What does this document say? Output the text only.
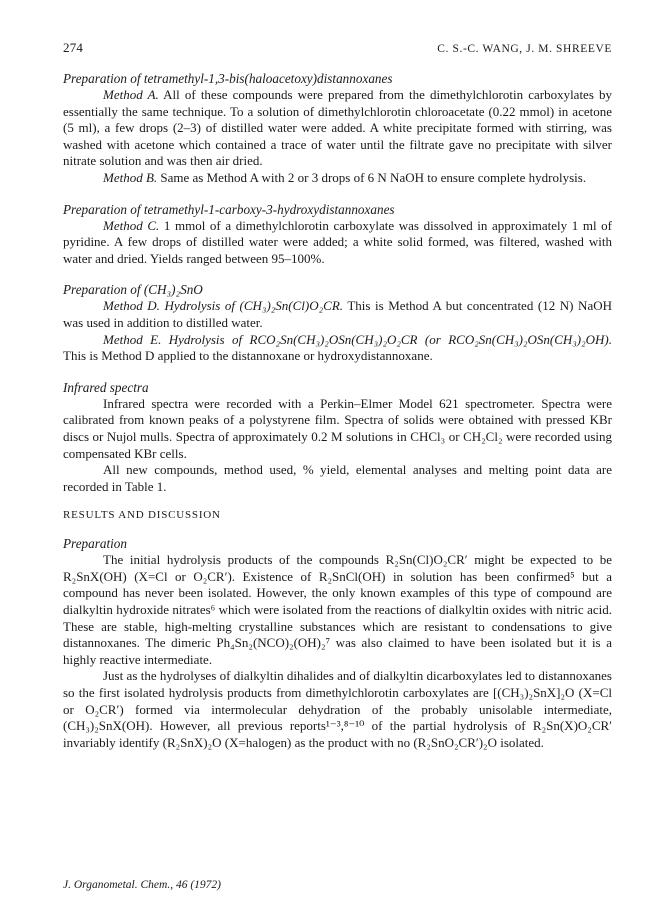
274	C. S.-C. WANG, J. M. SHREEVE

Preparation of tetramethyl-1,3-bis(haloacetoxy)distannoxanes

Method A. All of these compounds were prepared from the dimethylchlorotin carboxylates by essentially the same technique. To a solution of dimethylchlorotin chloroacetate (0.22 mmol) in acetone (5 ml), a few drops (2–3) of distilled water were added. A white precipitate formed with stirring, was washed with acetone which contained a trace of water until the filtrate gave no precipitate with silver nitrate solution and was then air dried.

Method B. Same as Method A with 2 or 3 drops of 6 N NaOH to ensure complete hydrolysis.

Preparation of tetramethyl-1-carboxy-3-hydroxydistannoxanes

Method C. 1 mmol of a dimethylchlorotin carboxylate was dissolved in approximately 1 ml of pyridine. A few drops of distilled water were added; a white solid formed, was filtered, washed with water and dried. Yields ranged between 95–100%.

Preparation of (CH₃)₂SnO

Method D. Hydrolysis of (CH₃)₂Sn(Cl)O₂CR. This is Method A but concentrated (12 N) NaOH was used in addition to distilled water.

Method E. Hydrolysis of RCO₂Sn(CH₃)₂OSn(CH₃)₂O₂CR (or RCO₂Sn(CH₃)₂OSn(CH₃)₂OH). This is Method D applied to the distannoxane or hydroxydistannoxane.

Infrared spectra

Infrared spectra were recorded with a Perkin–Elmer Model 621 spectrometer. Spectra were calibrated from known peaks of a polystyrene film. Spectra of solids were obtained with pressed KBr discs or Nujol mulls. Spectra of approximately 0.2 M solutions in CHCl₃ or CH₂Cl₂ were recorded using compensated KBr cells.

All new compounds, method used, % yield, elemental analyses and melting point data are recorded in Table 1.

RESULTS AND DISCUSSION

Preparation

The initial hydrolysis products of the compounds R₂Sn(Cl)O₂CR′ might be expected to be R₂SnX(OH) (X=Cl or O₂CR′). Existence of R₂SnCl(OH) in solution has been confirmed⁵ but a compound has never been isolated. However, the only known examples of this type of compound are dialkyltin hydroxide nitrates⁶ which were isolated from the reactions of dialkyltin oxides with nitric acid. These are stable, high-melting crystalline substances which are resistant to condensations to give distannoxanes. The dimeric Ph₄Sn₂(NCO)₂(OH)₂⁷ was also claimed to have been isolated but it is a highly reactive intermediate.

Just as the hydrolyses of dialkyltin dihalides and of dialkyltin dicarboxylates led to distannoxanes so the first isolated hydrolysis products from dimethylchlorotin carboxylates are [(CH₃)₂SnX]₂O (X=Cl or O₂CR′) formed via intermolecular dehydration of the probably unisolable intermediate, (CH₃)₂SnX(OH). However, all previous reports¹⁻³,⁸⁻¹⁰ of the partial hydrolysis of R₂Sn(X)O₂CR′ invariably identify (R₂SnX)₂O (X=halogen) as the product with no (R₂SnO₂CR′)₂O isolated.

J. Organometal. Chem., 46 (1972)
